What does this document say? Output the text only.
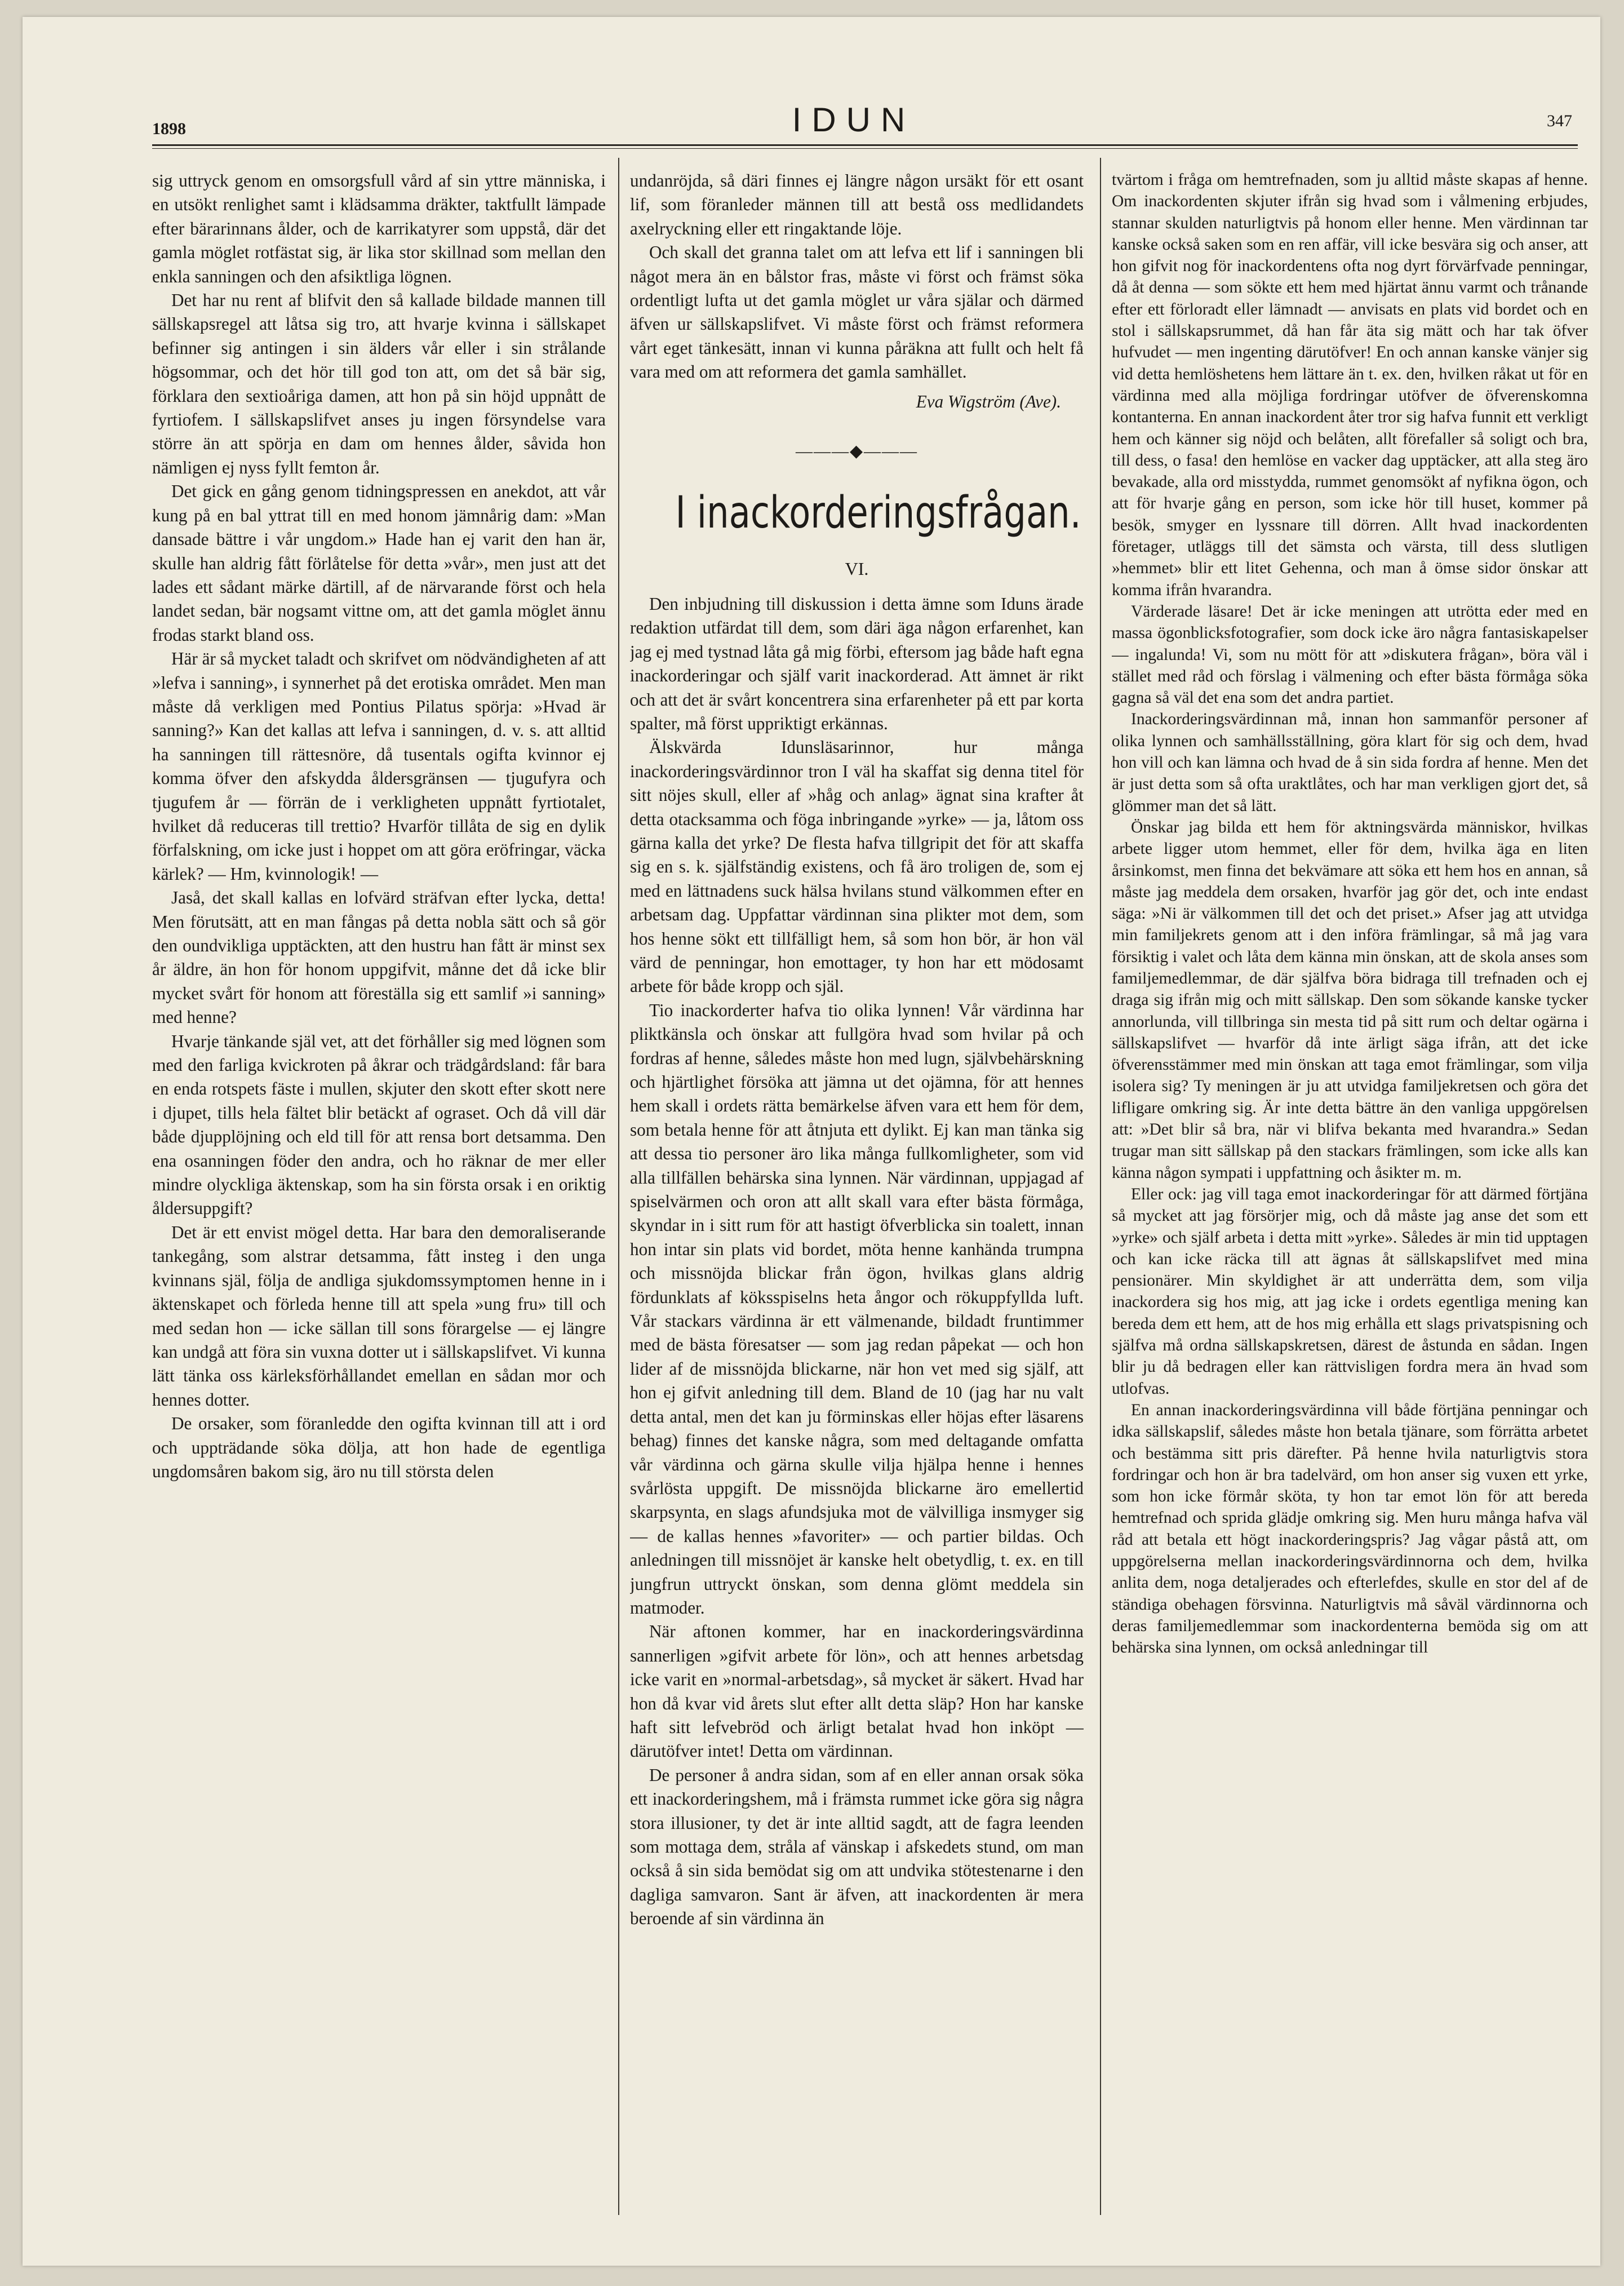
1898	IDUN	347

sig uttryck genom en omsorgsfull vård af sin yttre människa, i en utsökt renlighet samt i klädsamma dräkter, taktfullt lämpade efter bärarinnans ålder, och de karrikatyrer som uppstå, där det gamla möglet rotfästat sig, är lika stor skillnad som mellan den enkla sanningen och den afsiktliga lögnen.

Det har nu rent af blifvit den så kallade bildade mannen till sällskapsregel att låtsa sig tro, att hvarje kvinna i sällskapet befinner sig antingen i sin älders vår eller i sin strålande högsommar, och det hör till god ton att, om det så bär sig, förklara den sextioåriga damen, att hon på sin höjd uppnått de fyrtiofem. I sällskapslifvet anses ju ingen försyndelse vara större än att spörja en dam om hennes ålder, såvida hon nämligen ej nyss fyllt femton år.

Det gick en gång genom tidningspressen en anekdot, att vår kung på en bal yttrat till en med honom jämnårig dam: »Man dansade bättre i vår ungdom.» Hade han ej varit den han är, skulle han aldrig fått förlåtelse för detta »vår», men just att det lades ett sådant märke därtill, af de närvarande först och hela landet sedan, bär nogsamt vittne om, att det gamla möglet ännu frodas starkt bland oss.

Här är så mycket taladt och skrifvet om nödvändigheten af att »lefva i sanning», i synnerhet på det erotiska området. Men man måste då verkligen med Pontius Pilatus spörja: »Hvad är sanning?» Kan det kallas att lefva i sanningen, d. v. s. att alltid ha sanningen till rättesnöre, då tusentals ogifta kvinnor ej komma öfver den afskydda åldersgränsen — tjugufyra och tjugufem år — förrän de i verkligheten uppnått fyrtiotalet, hvilket då reduceras till trettio? Hvarför tillåta de sig en dylik förfalskning, om icke just i hoppet om att göra eröfringar, väcka kärlek? — Hm, kvinnologik! —

Jaså, det skall kallas en lofvärd sträfvan efter lycka, detta! Men förutsätt, att en man fångas på detta nobla sätt och så gör den oundvikliga upptäckten, att den hustru han fått är minst sex år äldre, än hon för honom uppgifvit, månne det då icke blir mycket svårt för honom att föreställa sig ett samlif »i sanning» med henne?

Hvarje tänkande själ vet, att det förhåller sig med lögnen som med den farliga kvickroten på åkrar och trädgårdsland: får bara en enda rotspets fäste i mullen, skjuter den skott efter skott nere i djupet, tills hela fältet blir betäckt af ograset. Och då vill där både djupplöjning och eld till för att rensa bort detsamma. Den ena osanningen föder den andra, och ho räknar de mer eller mindre olyckliga äktenskap, som ha sin första orsak i en oriktig åldersuppgift?

Det är ett envist mögel detta. Har bara den demoraliserande tankegång, som alstrar detsamma, fått insteg i den unga kvinnans själ, följa de andliga sjukdomssymptomen henne in i äktenskapet och förleda henne till att spela »ung fru» till och med sedan hon — icke sällan till sons förargelse — ej längre kan undgå att föra sin vuxna dotter ut i sällskapslifvet. Vi kunna lätt tänka oss kärleksförhållandet emellan en sådan mor och hennes dotter.

De orsaker, som föranledde den ogifta kvinnan till att i ord och uppträdande söka dölja, att hon hade de egentliga ungdomsåren bakom sig, äro nu till största delen

undanröjda, så däri finnes ej längre någon ursäkt för ett osant lif, som föranleder männen till att bestå oss medlidandets axelryckning eller ett ringaktande löje.

Och skall det granna talet om att lefva ett lif i sanningen bli något mera än en bålstor fras, måste vi först och främst söka ordentligt lufta ut det gamla möglet ur våra själar och därmed äfven ur sällskapslifvet. Vi måste först och främst reformera vårt eget tänkesätt, innan vi kunna påräkna att fullt och helt få vara med om att reformera det gamla samhället.

Eva Wigström (Ave).
———◆———
I inackorderingsfrågan.
VI.

Den inbjudning till diskussion i detta ämne som Iduns ärade redaktion utfärdat till dem, som däri äga någon erfarenhet, kan jag ej med tystnad låta gå mig förbi, eftersom jag både haft egna inackorderingar och själf varit inackorderad. Att ämnet är rikt och att det är svårt koncentrera sina erfarenheter på ett par korta spalter, må först uppriktigt erkännas.

Älskvärda Idunsläsarinnor, hur många inackorderingsvärdinnor tron I väl ha skaffat sig denna titel för sitt nöjes skull, eller af »håg och anlag» ägnat sina krafter åt detta otacksamma och föga inbringande »yrke» — ja, låtom oss gärna kalla det yrke? De flesta hafva tillgripit det för att skaffa sig en s. k. själfständig existens, och få äro troligen de, som ej med en lättnadens suck hälsa hvilans stund välkommen efter en arbetsam dag. Uppfattar värdinnan sina plikter mot dem, som hos henne sökt ett tillfälligt hem, så som hon bör, är hon väl värd de penningar, hon emottager, ty hon har ett mödosamt arbete för både kropp och själ.

Tio inackorderter hafva tio olika lynnen! Vår värdinna har pliktkänsla och önskar att fullgöra hvad som hvilar på och fordras af henne, således måste hon med lugn, självbehärskning och hjärtlighet försöka att jämna ut det ojämna, för att hennes hem skall i ordets rätta bemärkelse äfven vara ett hem för dem, som betala henne för att åtnjuta ett dylikt. Ej kan man tänka sig att dessa tio personer äro lika många fullkomligheter, som vid alla tillfällen behärska sina lynnen. När värdinnan, uppjagad af spiselvärmen och oron att allt skall vara efter bästa förmåga, skyndar in i sitt rum för att hastigt öfverblicka sin toalett, innan hon intar sin plats vid bordet, möta henne kanhända trumpna och missnöjda blickar från ögon, hvilkas glans aldrig fördunklats af köksspiselns heta ångor och rökuppfyllda luft. Vår stackars värdinna är ett välmenande, bildadt fruntimmer med de bästa föresatser — som jag redan påpekat — och hon lider af de missnöjda blickarne, när hon vet med sig själf, att hon ej gifvit anledning till dem. Bland de 10 (jag har nu valt detta antal, men det kan ju förminskas eller höjas efter läsarens behag) finnes det kanske några, som med deltagande omfatta vår värdinna och gärna skulle vilja hjälpa henne i hennes svårlösta uppgift. De missnöjda blickarne äro emellertid skarpsynta, en slags afundsjuka mot de välvilliga insmyger sig — de kallas hennes »favoriter» — och partier bildas. Och anledningen till missnöjet är kanske helt obetydlig, t. ex. en till jungfrun uttryckt önskan, som denna glömt meddela sin matmoder.

När aftonen kommer, har en inackorderingsvärdinna sannerligen »gifvit arbete för lön», och att hennes arbetsdag icke varit en »normal-arbetsdag», så mycket är säkert. Hvad har hon då kvar vid årets slut efter allt detta släp? Hon har kanske haft sitt lefvebröd och ärligt betalat hvad hon inköpt — därutöfver intet! Detta om värdinnan.

De personer å andra sidan, som af en eller annan orsak söka ett inackorderingshem, må i främsta rummet icke göra sig några stora illusioner, ty det är inte alltid sagdt, att de fagra leenden som mottaga dem, stråla af vänskap i afskedets stund, om man också å sin sida bemödat sig om att undvika stötestenarne i den dagliga samvaron. Sant är äfven, att inackordenten är mera beroende af sin värdinna än

tvärtom i fråga om hemtrefnaden, som ju alltid måste skapas af henne. Om inackordenten skjuter ifrån sig hvad som i vålmening erbjudes, stannar skulden naturligtvis på honom eller henne. Men värdinnan tar kanske också saken som en ren affär, vill icke besvära sig och anser, att hon gifvit nog för inackordentens ofta nog dyrt förvärfvade penningar, då åt denna — som sökte ett hem med hjärtat ännu varmt och trånande efter ett förloradt eller lämnadt — anvisats en plats vid bordet och en stol i sällskapsrummet, då han får äta sig mätt och har tak öfver hufvudet — men ingenting därutöfver! En och annan kanske vänjer sig vid detta hemlöshetens hem lättare än t. ex. den, hvilken råkat ut för en värdinna med alla möjliga fordringar utöfver de öfverenskomna kontanterna. En annan inackordent åter tror sig hafva funnit ett verkligt hem och känner sig nöjd och belåten, allt förefaller så soligt och bra, till dess, o fasa! den hemlöse en vacker dag upptäcker, att alla steg äro bevakade, alla ord misstydda, rummet genomsökt af nyfikna ögon, och att för hvarje gång en person, som icke hör till huset, kommer på besök, smyger en lyssnare till dörren. Allt hvad inackordenten företager, utläggs till det sämsta och värsta, till dess slutligen »hemmet» blir ett litet Gehenna, och man å ömse sidor önskar att komma ifrån hvarandra.

Värderade läsare! Det är icke meningen att utrötta eder med en massa ögonblicksfotografier, som dock icke äro några fantasiskapelser — ingalunda! Vi, som nu mött för att »diskutera frågan», böra väl i stället med råd och förslag i välmening och efter bästa förmåga söka gagna så väl det ena som det andra partiet.

Inackorderingsvärdinnan må, innan hon sammanför personer af olika lynnen och samhällsställning, göra klart för sig och dem, hvad hon vill och kan lämna och hvad de å sin sida fordra af henne. Men det är just detta som så ofta uraktlåtes, och har man verkligen gjort det, så glömmer man det så lätt.

Önskar jag bilda ett hem för aktningsvärda människor, hvilkas arbete ligger utom hemmet, eller för dem, hvilka äga en liten årsinkomst, men finna det bekvämare att söka ett hem hos en annan, så måste jag meddela dem orsaken, hvarför jag gör det, och inte endast säga: »Ni är välkommen till det och det priset.» Afser jag att utvidga min familjekrets genom att i den införa främlingar, så må jag vara försiktig i valet och låta dem känna min önskan, att de skola anses som familjemedlemmar, de där själfva böra bidraga till trefnaden och ej draga sig ifrån mig och mitt sällskap. Den som sökande kanske tycker annorlunda, vill tillbringa sin mesta tid på sitt rum och deltar ogärna i sällskapslifvet — hvarför då inte ärligt säga ifrån, att det icke öfverensstämmer med min önskan att taga emot främlingar, som vilja isolera sig? Ty meningen är ju att utvidga familjekretsen och göra det lifligare omkring sig. Är inte detta bättre än den vanliga uppgörelsen att: »Det blir så bra, när vi blifva bekanta med hvarandra.» Sedan trugar man sitt sällskap på den stackars främlingen, som icke alls kan känna någon sympati i uppfattning och åsikter m. m.

Eller ock: jag vill taga emot inackorderingar för att därmed förtjäna så mycket att jag försörjer mig, och då måste jag anse det som ett »yrke» och själf arbeta i detta mitt »yrke». Således är min tid upptagen och kan icke räcka till att ägnas åt sällskapslifvet med mina pensionärer. Min skyldighet är att underrätta dem, som vilja inackordera sig hos mig, att jag icke i ordets egentliga mening kan bereda dem ett hem, att de hos mig erhålla ett slags privatspisning och själfva må ordna sällskapskretsen, därest de åstunda en sådan. Ingen blir ju då bedragen eller kan rättvisligen fordra mera än hvad som utlofvas.

En annan inackorderingsvärdinna vill både förtjäna penningar och idka sällskapslif, således måste hon betala tjänare, som förrätta arbetet och bestämma sitt pris därefter. På henne hvila naturligtvis stora fordringar och hon är bra tadelvärd, om hon anser sig vuxen ett yrke, som hon icke förmår sköta, ty hon tar emot lön för att bereda hemtrefnad och sprida glädje omkring sig. Men huru många hafva väl råd att betala ett högt inackorderingspris? Jag vågar påstå att, om uppgörelserna mellan inackorderingsvärdinnorna och dem, hvilka anlita dem, noga detaljerades och efterlefdes, skulle en stor del af de ständiga obehagen försvinna. Naturligtvis må såväl värdinnorna och deras familjemedlemmar som inackordenterna bemöda sig om att behärska sina lynnen, om också anledningar till
